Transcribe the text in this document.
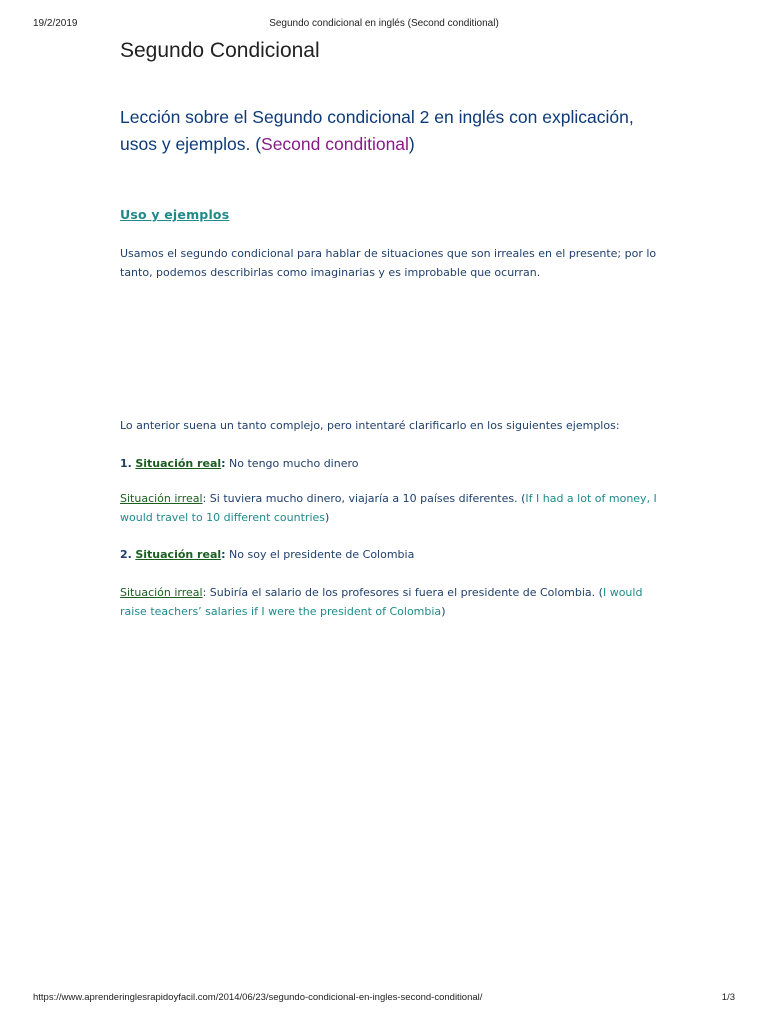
19/2/2019	Segundo condicional en inglés (Second conditional)
Segundo Condicional
Lección sobre el Segundo condicional 2 en inglés con explicación, usos y ejemplos. (Second conditional)
Uso y ejemplos

Usamos el segundo condicional para hablar de situaciones que son irreales en el presente; por lo tanto, podemos describirlas como imaginarias y es improbable que ocurran.

Lo anterior suena un tanto complejo, pero intentaré clarificarlo en los siguientes ejemplos:

1. Situación real: No tengo mucho dinero

Situación irreal: Si tuviera mucho dinero, viajaría a 10 países diferentes. (If I had a lot of money, I would travel to 10 different countries)

2. Situación real: No soy el presidente de Colombia

Situación irreal: Subiría el salario de los profesores si fuera el presidente de Colombia. (I would raise teachers’ salaries if I were the president of Colombia)

https://www.aprenderinglesrapidoyfacil.com/2014/06/23/segundo-condicional-en-ingles-second-conditional/	1/3
